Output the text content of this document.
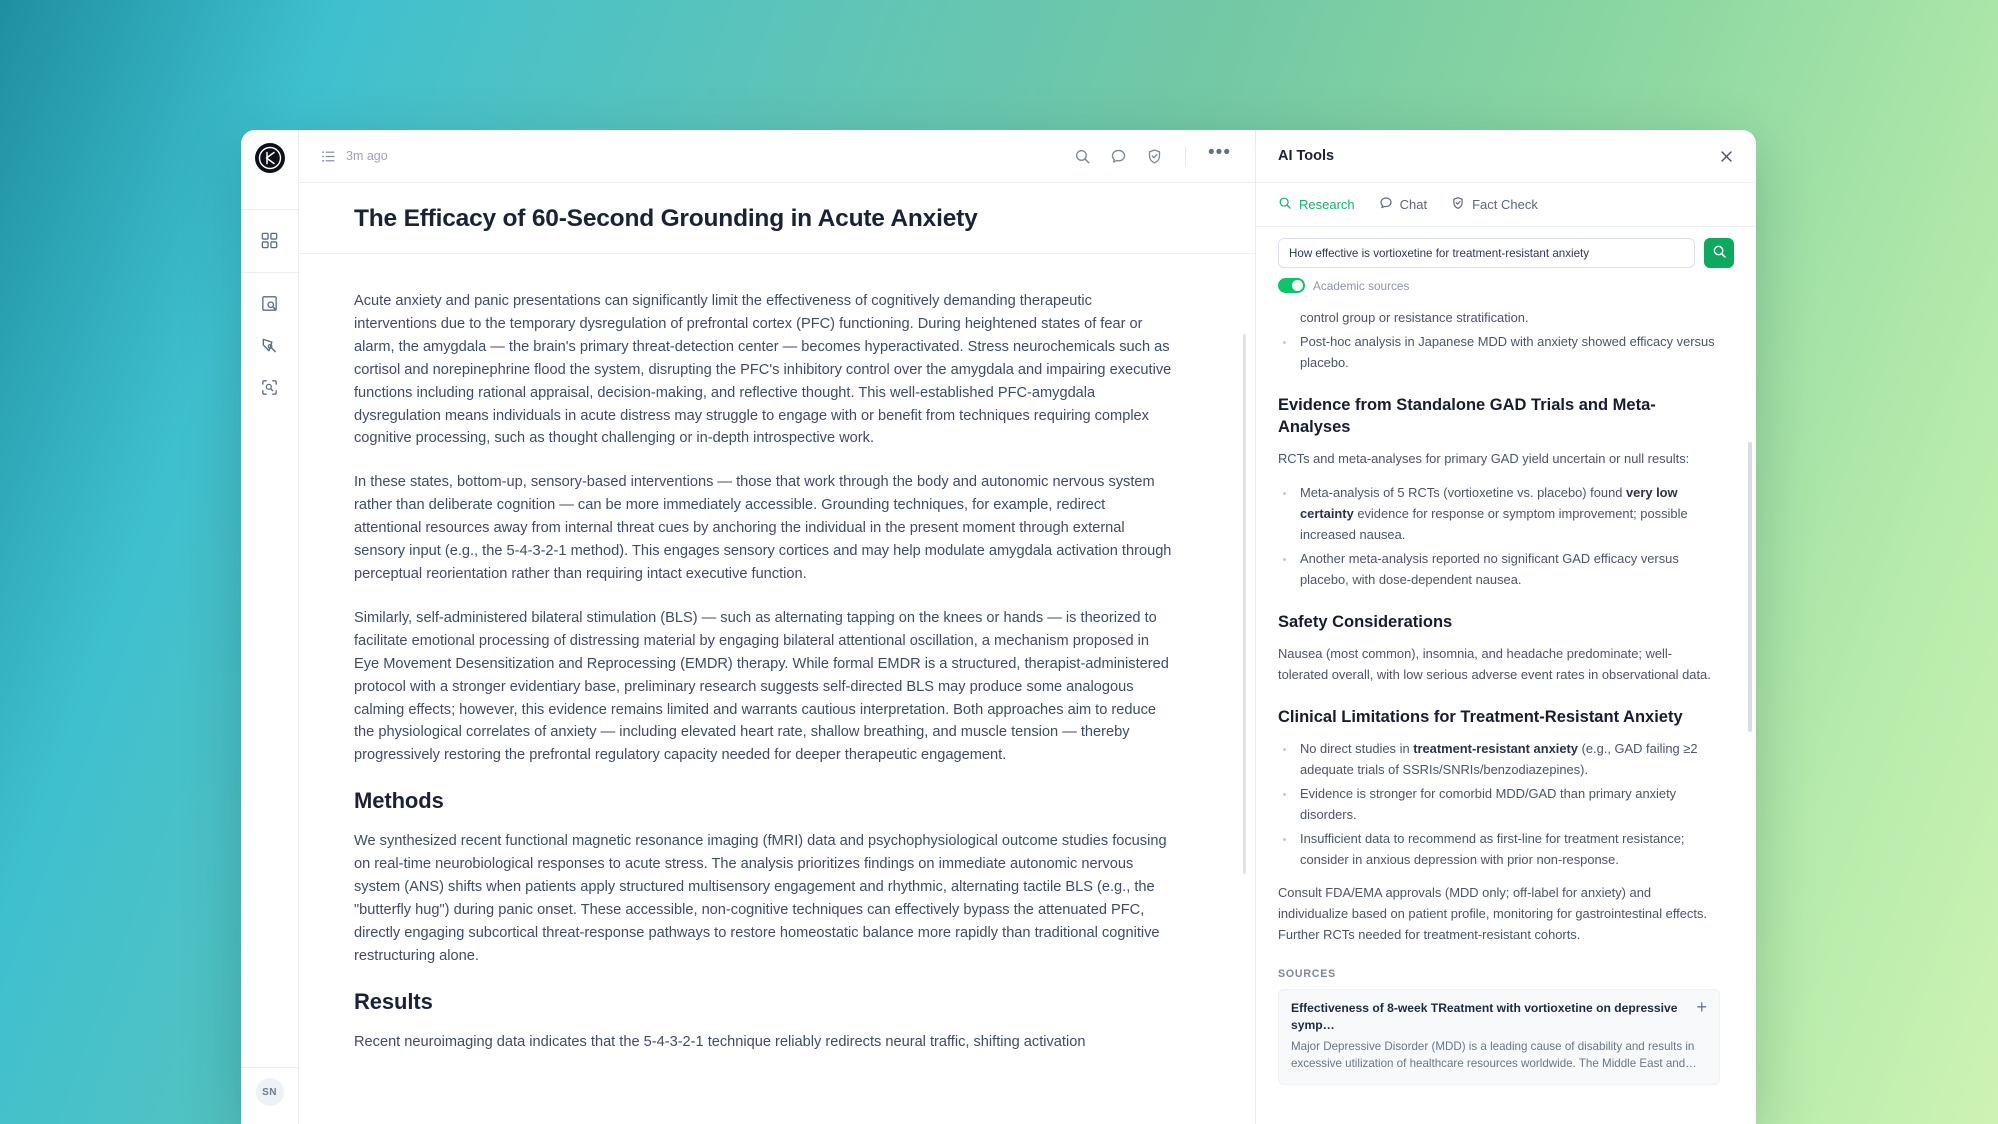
SN
3m ago	•••
The Efficacy of 60-Second Grounding in Acute Anxiety

Acute anxiety and panic presentations can significantly limit the effectiveness of cognitively demanding therapeutic interventions due to the temporary dysregulation of prefrontal cortex (PFC) functioning. During heightened states of fear or alarm, the amygdala — the brain's primary threat-detection center — becomes hyperactivated. Stress neurochemicals such as cortisol and norepinephrine flood the system, disrupting the PFC's inhibitory control over the amygdala and impairing executive functions including rational appraisal, decision-making, and reflective thought. This well-established PFC-amygdala dysregulation means individuals in acute distress may struggle to engage with or benefit from techniques requiring complex cognitive processing, such as thought challenging or in-depth introspective work.

In these states, bottom-up, sensory-based interventions — those that work through the body and autonomic nervous system rather than deliberate cognition — can be more immediately accessible. Grounding techniques, for example, redirect attentional resources away from internal threat cues by anchoring the individual in the present moment through external sensory input (e.g., the 5-4-3-2-1 method). This engages sensory cortices and may help modulate amygdala activation through perceptual reorientation rather than requiring intact executive function.

Similarly, self-administered bilateral stimulation (BLS) — such as alternating tapping on the knees or hands — is theorized to facilitate emotional processing of distressing material by engaging bilateral attentional oscillation, a mechanism proposed in Eye Movement Desensitization and Reprocessing (EMDR) therapy. While formal EMDR is a structured, therapist-administered protocol with a stronger evidentiary base, preliminary research suggests self-directed BLS may produce some analogous calming effects; however, this evidence remains limited and warrants cautious interpretation. Both approaches aim to reduce the physiological correlates of anxiety — including elevated heart rate, shallow breathing, and muscle tension — thereby progressively restoring the prefrontal regulatory capacity needed for deeper therapeutic engagement.

Methods

We synthesized recent functional magnetic resonance imaging (fMRI) data and psychophysiological outcome studies focusing on real-time neurobiological responses to acute stress. The analysis prioritizes findings on immediate autonomic nervous system (ANS) shifts when patients apply structured multisensory engagement and rhythmic, alternating tactile BLS (e.g., the "butterfly hug") during panic onset. These accessible, non-cognitive techniques can effectively bypass the attenuated PFC, directly engaging subcortical threat-response pathways to restore homeostatic balance more rapidly than traditional cognitive restructuring alone.

Results

Recent neuroimaging data indicates that the 5-4-3-2-1 technique reliably redirects neural traffic, shifting activation

AI Tools
Research	Chat	Fact Check
How effective is vortioxetine for treatment-resistant anxiety
Academic sources
control group or resistance stratification.
Post-hoc analysis in Japanese MDD with anxiety showed efficacy versus placebo.
Evidence from Standalone GAD Trials and Meta-Analyses
RCTs and meta-analyses for primary GAD yield uncertain or null results:
Meta-analysis of 5 RCTs (vortioxetine vs. placebo) found very low certainty evidence for response or symptom improvement; possible increased nausea.
Another meta-analysis reported no significant GAD efficacy versus placebo, with dose-dependent nausea.
Safety Considerations
Nausea (most common), insomnia, and headache predominate; well-tolerated overall, with low serious adverse event rates in observational data.
Clinical Limitations for Treatment-Resistant Anxiety
No direct studies in treatment-resistant anxiety (e.g., GAD failing ≥2 adequate trials of SSRIs/SNRIs/benzodiazepines).
Evidence is stronger for comorbid MDD/GAD than primary anxiety disorders.
Insufficient data to recommend as first-line for treatment resistance; consider in anxious depression with prior non-response.
Consult FDA/EMA approvals (MDD only; off-label for anxiety) and individualize based on patient profile, monitoring for gastrointestinal effects. Further RCTs needed for treatment-resistant cohorts.
SOURCES
Effectiveness of 8-week TReatment with vortioxetine on depressive symp…
+
Major Depressive Disorder (MDD) is a leading cause of disability and results in excessive utilization of healthcare resources worldwide. The Middle East and…
